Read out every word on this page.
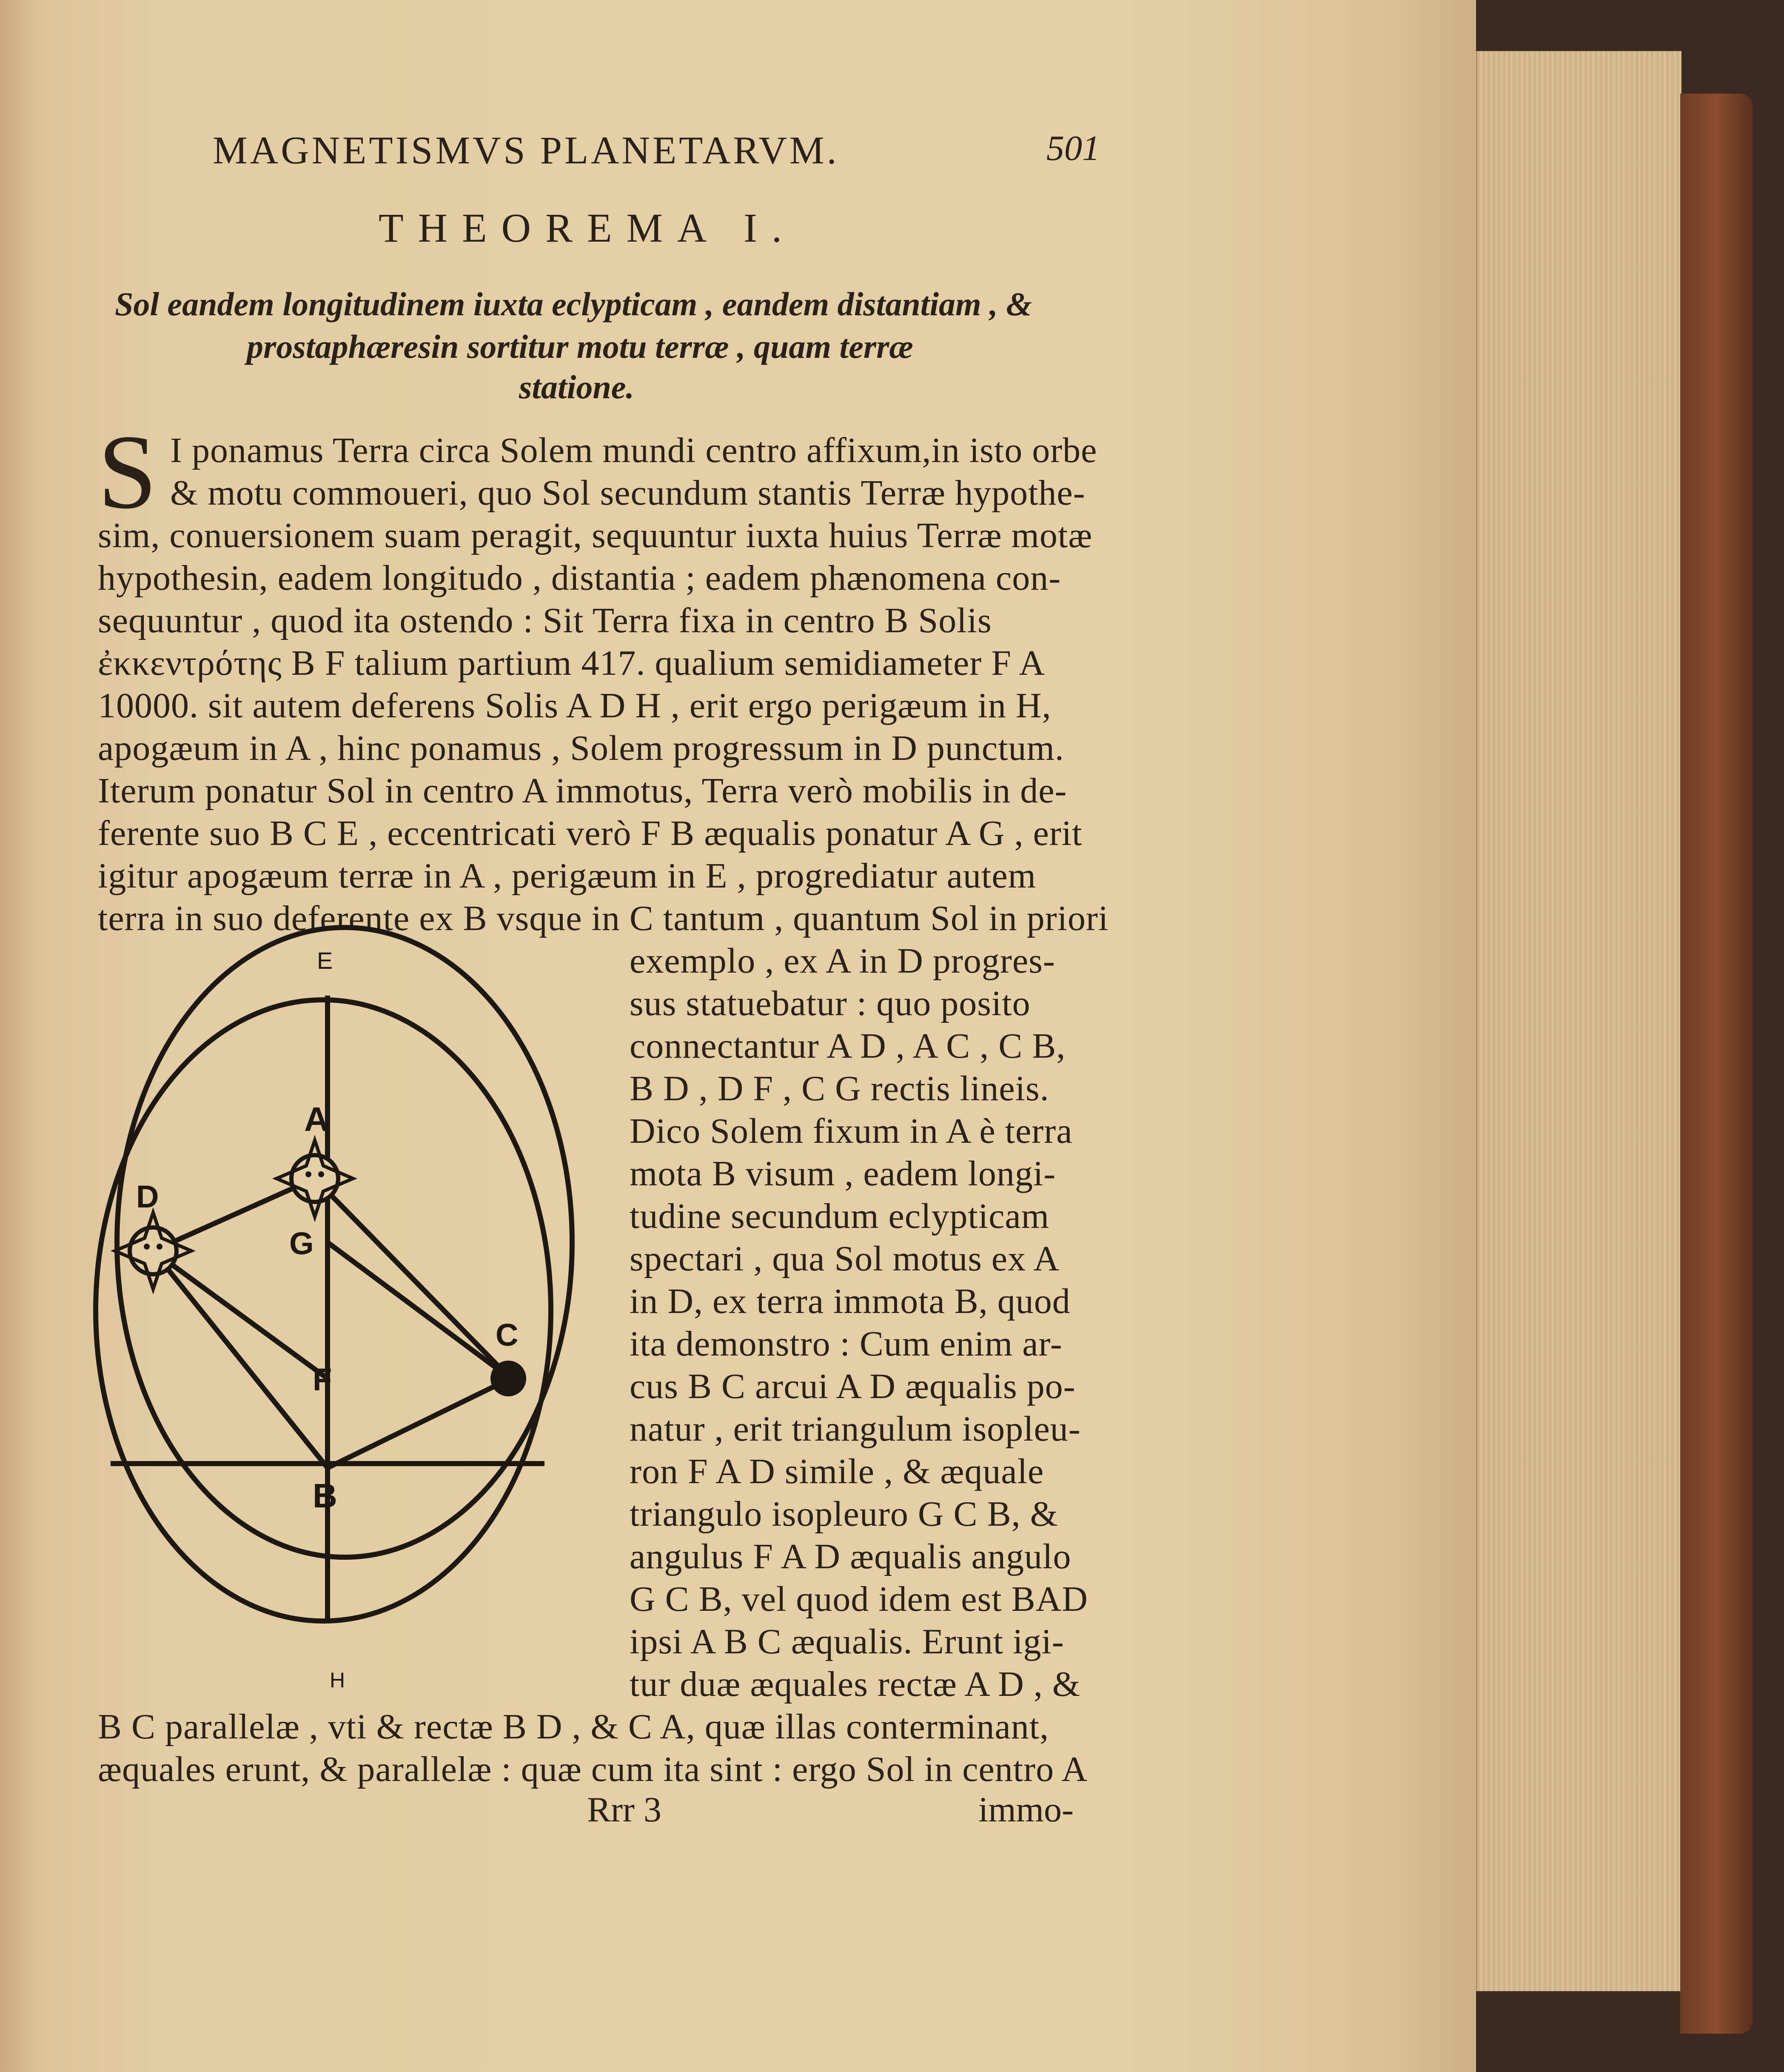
MAGNETISMVS PLANETARVM.	501
THEOREMA I.
Sol eandem longitudinem iuxta eclypticam , eandem distantiam , &
prostaphæresin sortitur motu terræ , quam terræ
statione.
S I ponamus Terra circa Solem mundi centro affixum,in isto orbe
& motu commoueri, quo Sol secundum stantis Terræ hypothe-
sim, conuersionem suam peragit, sequuntur iuxta huius Terræ motæ
hypothesin, eadem longitudo , distantia ; eadem phænomena con-
sequuntur , quod ita ostendo : Sit Terra fixa in centro B Solis
ἐκκεντρότης B F talium partium 417. qualium semidiameter F A
10000. sit autem deferens Solis A D H , erit ergo perigæum in H,
apogæum in A , hinc ponamus , Solem progressum in D punctum.
Iterum ponatur Sol in centro A immotus, Terra verò mobilis in de-
ferente suo B C E , eccentricati verò F B æqualis ponatur A G , erit
igitur apogæum terræ in A , perigæum in E , progrediatur autem
terra in suo deferente ex B vsque in C tantum , quantum Sol in priori
exemplo , ex A in D progres-
sus statuebatur : quo posito
connectantur A D , A C , C B,
B D , D F , C G rectis lineis.
Dico Solem fixum in A è terra
mota B visum , eadem longi-
tudine secundum eclypticam
spectari , qua Sol motus ex A
in D, ex terra immota B, quod
ita demonstro : Cum enim ar-
cus B C arcui A D æqualis po-
natur , erit triangulum isopleu-
ron F A D simile , & æquale
triangulo isopleuro G C B, &
angulus F A D æqualis angulo
G C B, vel quod idem est BAD
ipsi A B C æqualis. Erunt igi-
tur duæ æquales rectæ A D , &
B C parallelæ , vti & rectæ B D , & C A, quæ illas conterminant,
æquales erunt, & parallelæ : quæ cum ita sint : ergo Sol in centro A
Rrr 3	immo-
E
A
D
G
C
F
B
H
